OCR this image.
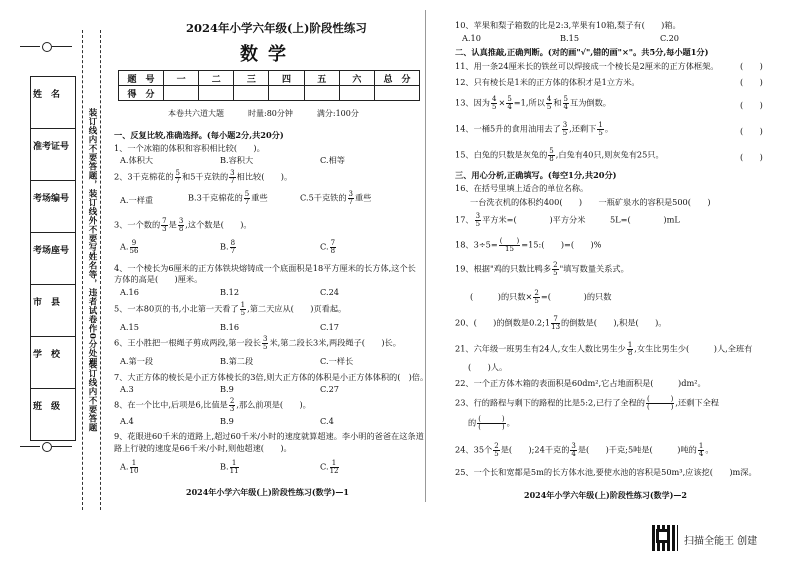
姓　名
准考证号
考场编号
考场座号
市　县
学　校
班　级
装订线内不要答题，装订线外不要写姓名等，违者试卷作0分处理
装订线内不要答题
2024年小学六年级(上)阶段性练习
数学
题　号	一	二	三	四	五	六	总　分
得　分							
本卷共六道大题　　　时量:80分钟　　　满分:100分
一、反复比较,准确选择。(每小题2分,共20分)
1、一个冰箱的体积和容积相比较(　　)。
A.体积大	B.容积大	C.相等
2、3千克棉花的 $\frac{5}{7}$ 和5千克铁的 $\frac{3}{7}$ 相比较(　　)。
A.一样重	B.3千克棉花的 $\frac{5}{7}$ 重些	C.5千克铁的 $\frac{3}{7}$ 重些
3、一个数的 $\frac{7}{3}$ 是 $\frac{3}{8}$ ,这个数是(　　)。
A. $\frac{9}{56}$	B. $\frac{8}{7}$	C. $\frac{7}{8}$
4、一个棱长为6厘米的正方体铁块熔铸成一个底面积是18平方厘米的长方体,这个长
方体的高是(　　)厘米。
A.16	B.12	C.24
5、一本80页的书,小北第一天看了 $\frac{1}{5}$ ,第二天应从(　　)页看起。
A.15	B.16	C.17
6、王小胜把一根绳子剪成两段,第一段长 $\frac{3}{5}$ 米,第二段长3米,两段绳子(　　)长。
A.第一段	B.第二段	C.一样长
7、大正方体的棱长是小正方体棱长的3倍,则大正方体的体积是小正方体体积的(　)倍。
A.3	B.9	C.27
8、在一个比中,后项是6,比值是 $\frac{2}{3}$ ,那么前项是(　　)。
A.4	B.9	C.4
9、花眼进60千米的道路上,超过60千米/小时的速度就算超速。李小明的爸爸在这条道
路上行驶的速度是66千米/小时,则他超速(　　)。
A. $\frac{1}{10}$	B. $\frac{1}{11}$	C. $\frac{1}{12}$
2024年小学六年级(上)阶段性练习(数学)—1
10、苹果和梨子箱数的比是2:3,苹果有10箱,梨子有(　　)箱。
A.10	B.15	C.20
二、认真推敲,正确判断。(对的画"√",错的画"×"。共5分,每小题1分)
11、用一条24厘米长的铁丝可以焊接成一个棱长是2厘米的正方体框架。	(　　)
12、只有棱长是1米的正方体的体积才是1立方米。	(　　)
13、因为 $\frac{4}{5} \times \frac{5}{4} =1$,所以 $\frac{4}{5}$ 和 $\frac{5}{4}$ 互为倒数。	(　　)
14、一桶5升的食用油用去了 $\frac{3}{5}$ ,还剩下 $\frac{1}{5}$ 。	(　　)
15、白兔的只数是灰兔的 $\frac{5}{8}$ ,白兔有40只,则灰兔有25只。	(　　)
三、用心分析,正确填写。(每空1分,共20分)
16、在括号里填上适合的单位名称。
一台洗衣机的体积约400(　　)　　一瓶矿泉水的容积是500(　　)
17、 $\frac{3}{5}$ 平方米=(　　　　)平方分米　　　5L=(　　　　)mL
18、$3\div 5= \frac{( )}{15}$ =15:(　　)=(　　)%
19、根据"鸡的只数比鸭多 $\frac{2}{5}$ "填写数量关系式。
(　　　)的只数× $\frac{2}{5}$ =(　　　　)的只数
20、(　　)的倒数是0.2;1 $\frac{7}{13}$ 的倒数是(　　),积是(　　)。
21、六年级一班男生有24人,女生人数比男生少 $\frac{1}{8}$ ,女生比男生少(　　　)人,全班有
(　　)人。
22、一个正方体木箱的表面积是60dm²,它占地面积是(　　　)dm²。
23、行的路程与剩下的路程的比是5:2,已行了全程的 $\frac{( )}{( )}$ ,还剩下全程
的 $\frac{( )}{( )}$ 。
24、35个 $\frac{2}{5}$ 是(　　);24千克的 $\frac{3}{4}$ 是(　　)千克;5吨是(　　　)吨的 $\frac{1}{4}$ 。
25、一个长和宽都是5m的长方体水池,要使水池的容积是50m³,应该挖(　　)m深。
2024年小学六年级(上)阶段性练习(数学)—2
扫描全能王 创建
